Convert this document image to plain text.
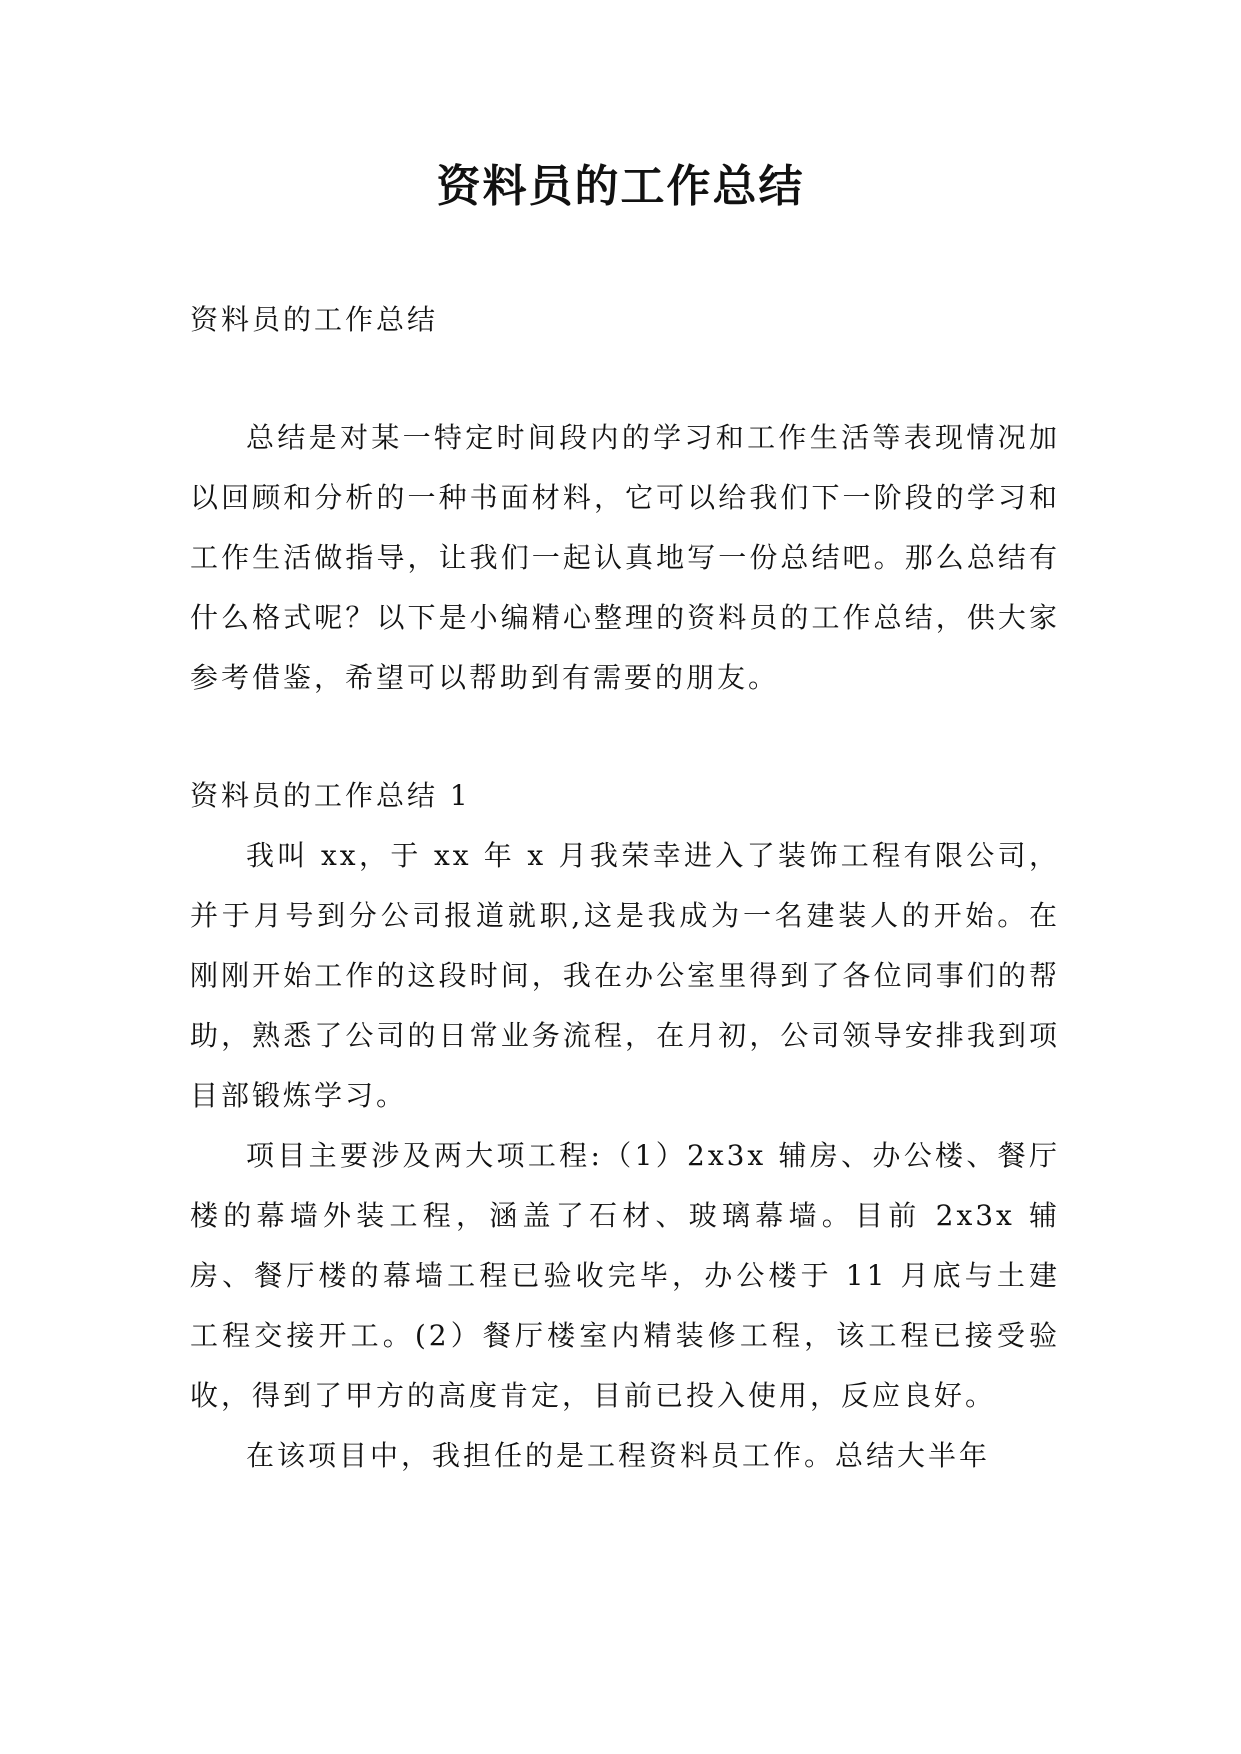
资料员的工作总结

资料员的工作总结

总结是对某一特定时间段内的学习和工作生活等表现情况加以回顾和分析的一种书面材料，它可以给我们下一阶段的学习和工作生活做指导，让我们一起认真地写一份总结吧。那么总结有什么格式呢？以下是小编精心整理的资料员的工作总结，供大家参考借鉴，希望可以帮助到有需要的朋友。

资料员的工作总结 1

我叫 xx，于 xx 年 x 月我荣幸进入了装饰工程有限公司，并于月号到分公司报道就职,这是我成为一名建装人的开始。在刚刚开始工作的这段时间，我在办公室里得到了各位同事们的帮助，熟悉了公司的日常业务流程，在月初，公司领导安排我到项目部锻炼学习。

项目主要涉及两大项工程:（1）2x3x 辅房、办公楼、餐厅楼的幕墙外装工程，涵盖了石材、玻璃幕墙。目前 2x3x 辅房、餐厅楼的幕墙工程已验收完毕，办公楼于 11 月底与土建工程交接开工。(2）餐厅楼室内精装修工程，该工程已接受验收，得到了甲方的高度肯定，目前已投入使用，反应良好。

在该项目中，我担任的是工程资料员工作。总结大半年
